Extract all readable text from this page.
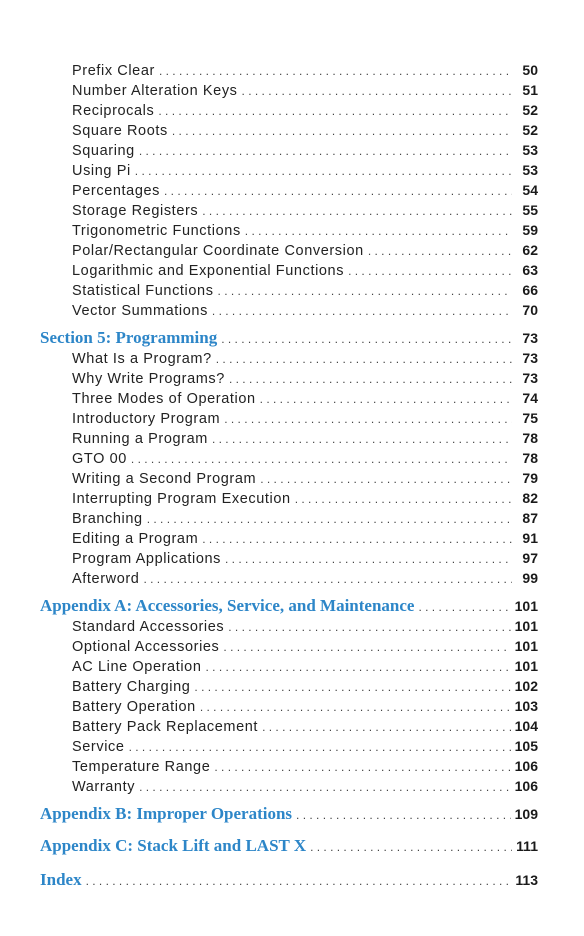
Prefix Clear . . .	50
Number Alteration Keys . . .	51
Reciprocals . . .	52
Square Roots . . .	52
Squaring . . .	53
Using Pi . . .	53
Percentages . . .	54
Storage Registers . . .	55
Trigonometric Functions . . .	59
Polar/Rectangular Coordinate Conversion . . .	62
Logarithmic and Exponential Functions . . .	63
Statistical Functions . . .	66
Vector Summations . . .	70
Section 5: Programming . . .	73
What Is a Program? . . .	73
Why Write Programs? . . .	73
Three Modes of Operation . . .	74
Introductory Program . . .	75
Running a Program . . .	78
GTO 00 . . .	78
Writing a Second Program . . .	79
Interrupting Program Execution . . .	82
Branching . . .	87
Editing a Program . . .	91
Program Applications . . .	97
Afterword . . .	99
Appendix A: Accessories, Service, and Maintenance . . .	101
Standard Accessories . . .	101
Optional Accessories . . .	101
AC Line Operation . . .	101
Battery Charging . . .	102
Battery Operation . . .	103
Battery Pack Replacement . . .	104
Service . . .	105
Temperature Range . . .	106
Warranty . . .	106
Appendix B: Improper Operations . . .	109
Appendix C: Stack Lift and LAST X . . .	111
Index . . .	113
